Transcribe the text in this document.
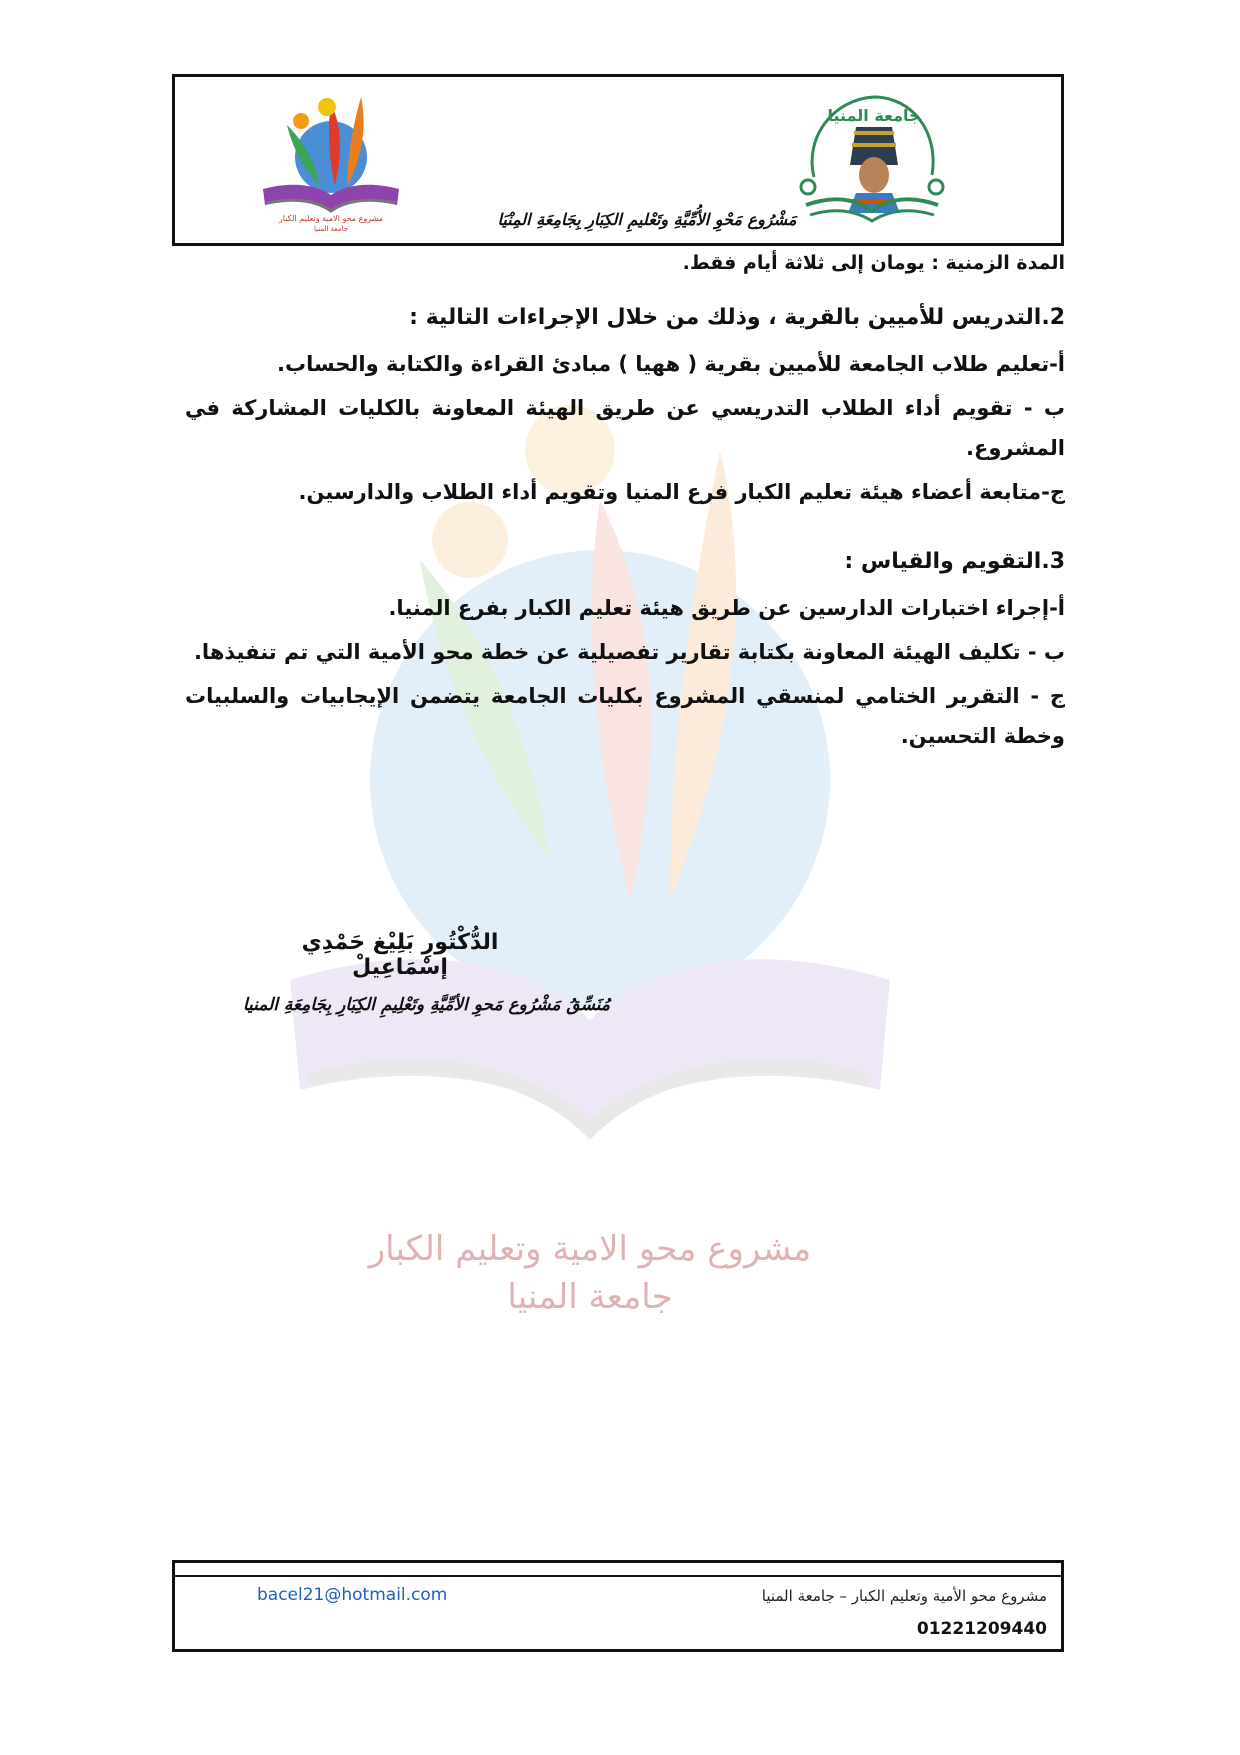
مشروع محو الامية وتعليم الكبار
جامعة المنيا	مَشْرُوع مَحْوِ الأُمِّيَّةِ وتَعْليمِ الكِبَارِ بِجَامِعَةِ المِنْيَا
جامعة المنيا

المدة الزمنية : يومان إلى ثلاثة أيام فقط.

2.التدريس للأميين بالقرية ، وذلك من خلال الإجراءات التالية :

أ-تعليم طلاب الجامعة للأميين بقرية ( ههيا ) مبادئ القراءة والكتابة والحساب.

ب - تقويم أداء الطلاب التدريسي عن طريق الهيئة المعاونة بالكليات المشاركة في المشروع.

ج-متابعة أعضاء هيئة تعليم الكبار فرع المنيا وتقويم أداء الطلاب والدارسين.

3.التقويم والقياس :

أ-إجراء اختبارات الدارسين عن طريق هيئة تعليم الكبار بفرع المنيا.

ب - تكليف الهيئة المعاونة بكتابة تقارير تفصيلية عن خطة محو الأمية التي تم تنفيذها.

ج - التقرير الختامي لمنسقي المشروع بكليات الجامعة يتضمن الإيجابيات والسلبيات وخطة التحسين.

الدُّكْتُورِ بَلِيْغ حَمْدِي إسْمَاعِيلْ
مُنَسِّقُ مَشْرُوع مَحوِ الأمِّيَّةِ وتَعْلِيمِ الكِبَارِ بِجَامِعَةِ المنيا
مشروع محو الامية وتعليم الكبار
جامعة المنيا
bacel21@hotmail.com	مشروع محو الأمية وتعليم الكبار – جامعة المنيا
01221209440
